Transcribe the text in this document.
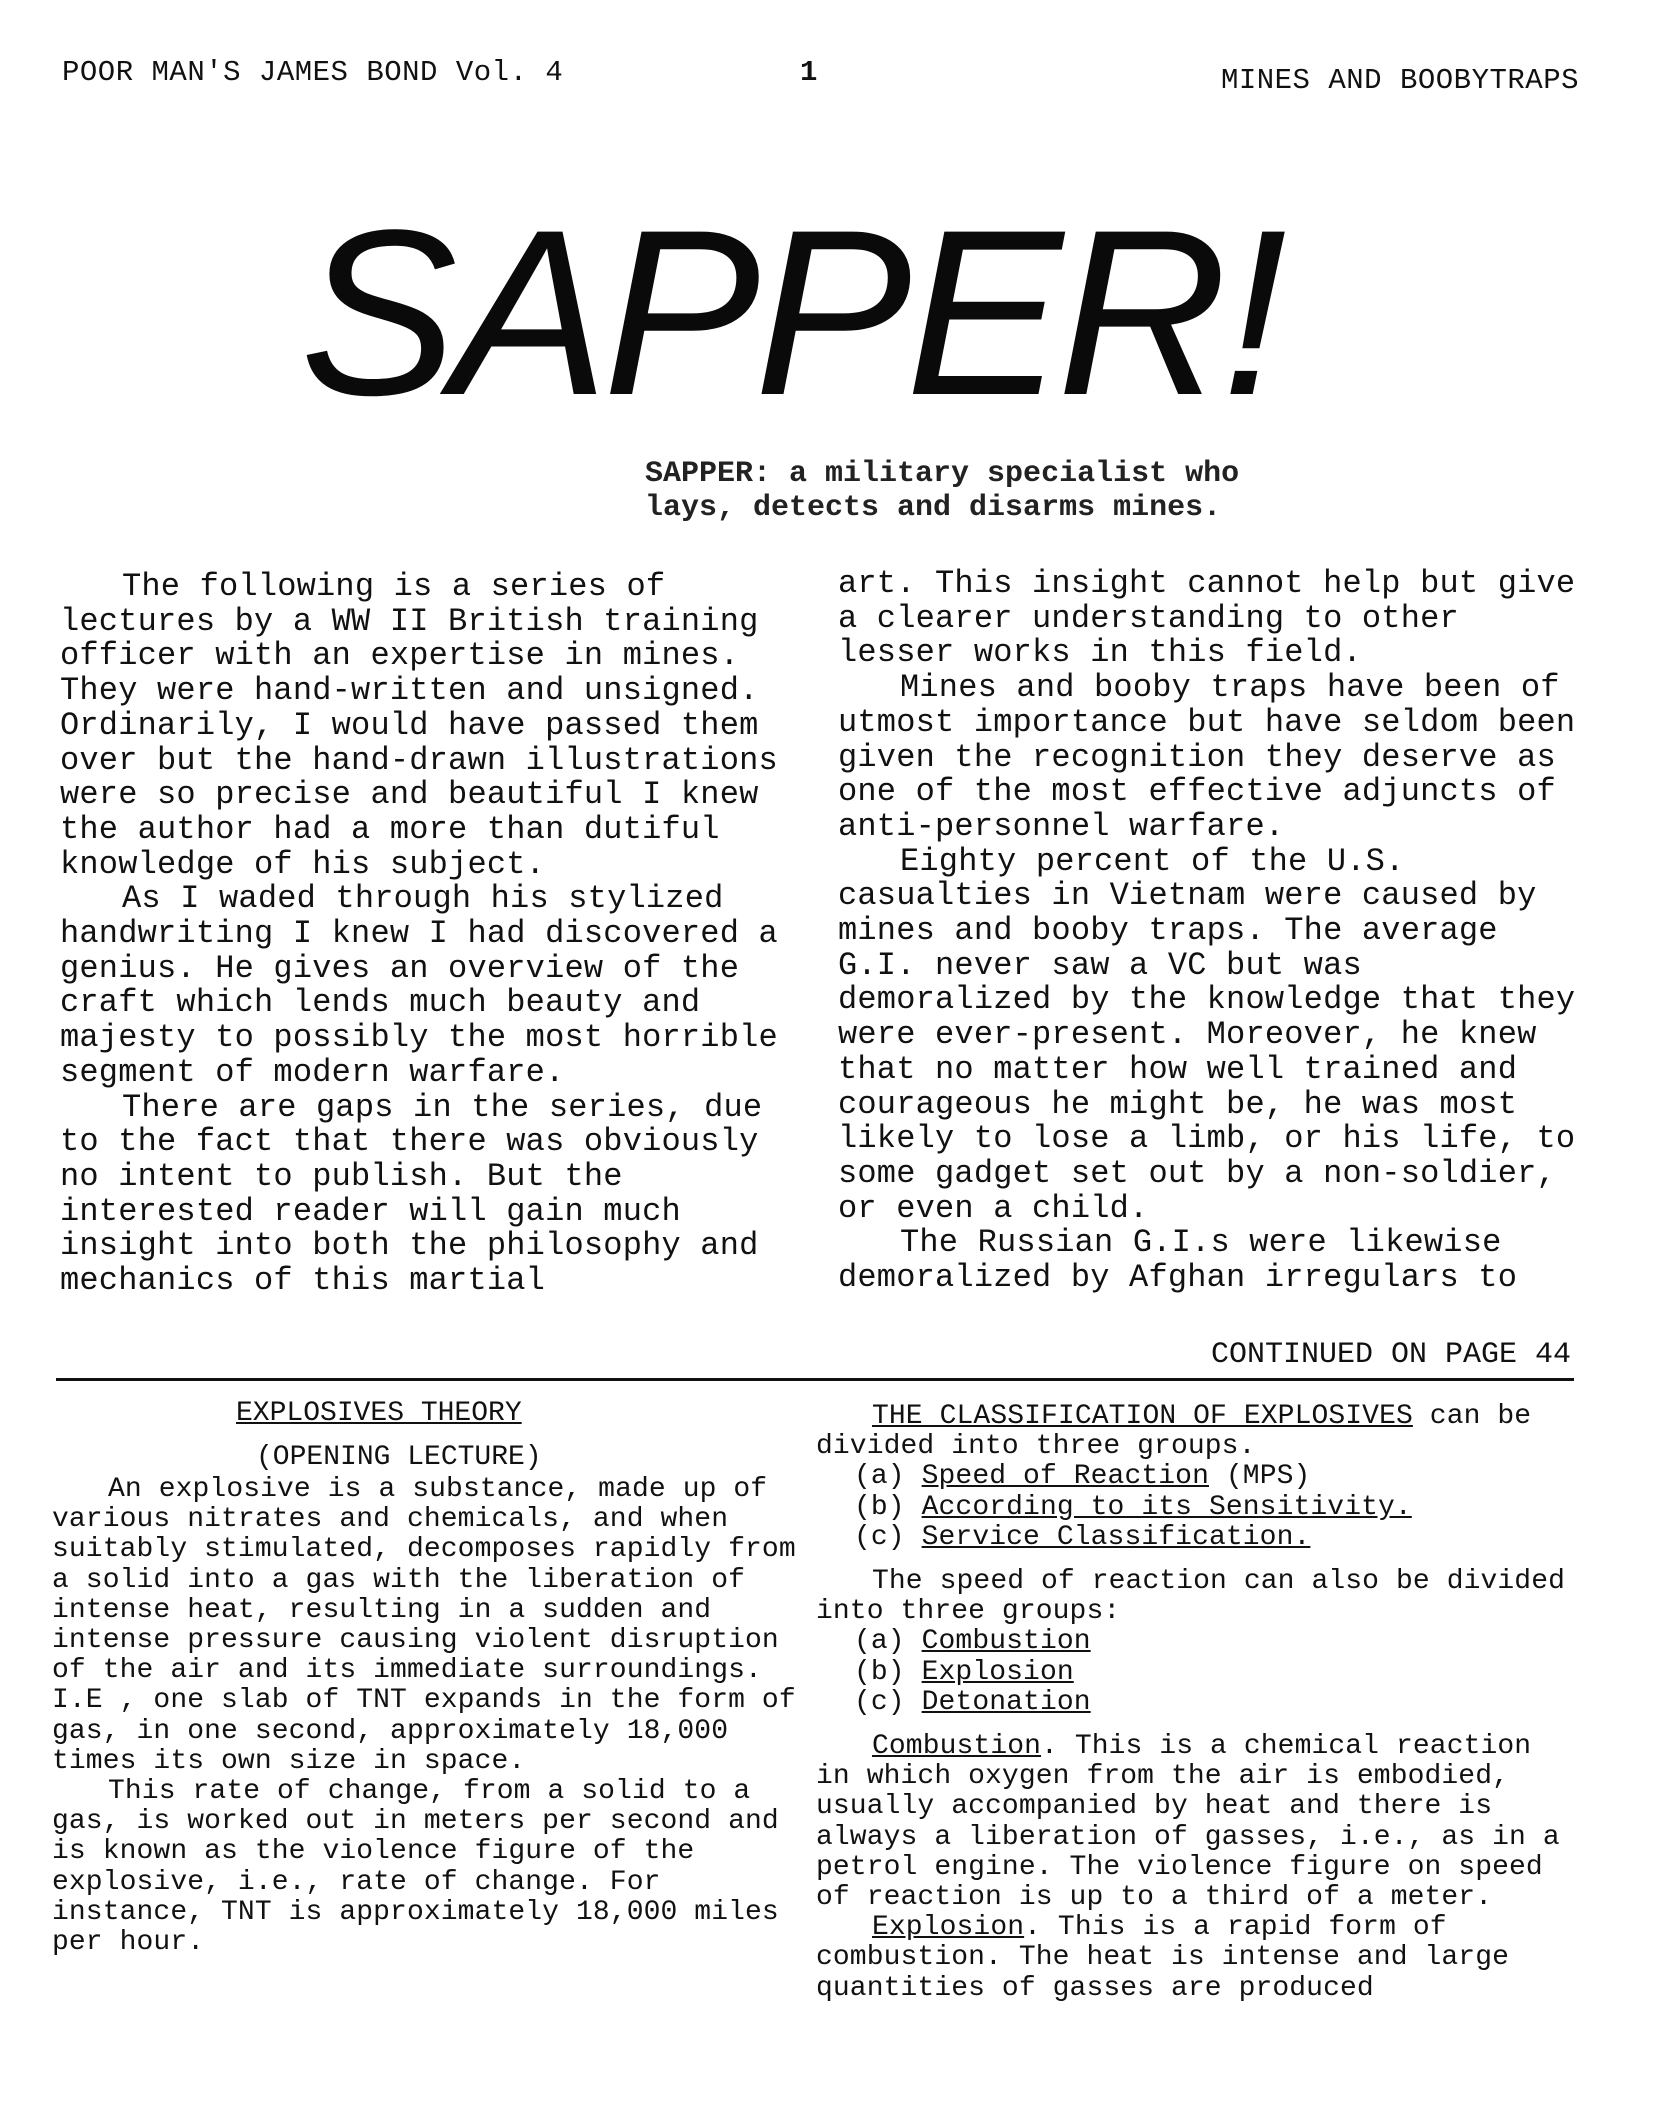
POOR MAN'S JAMES BOND Vol. 4	1	MINES AND BOOBYTRAPS
SAPPER!
SAPPER: a military specialist who
lays, detects and disarms mines.

The following is a series of lectures by a WW II British training officer with an expertise in mines. They were hand-written and unsigned. Ordinarily, I would have passed them over but the hand-drawn illustrations were so precise and beautiful I knew the author had a more than dutiful knowledge of his subject.

As I waded through his stylized handwriting I knew I had discovered a genius. He gives an overview of the craft which lends much beauty and majesty to possibly the most horrible segment of modern warfare.

There are gaps in the series, due to the fact that there was obviously no intent to publish. But the interested reader will gain much insight into both the philosophy and mechanics of this martial

art. This insight cannot help but give a clearer understanding to other lesser works in this field.

Mines and booby traps have been of utmost importance but have seldom been given the recognition they deserve as one of the most effective adjuncts of anti-personnel warfare.

Eighty percent of the U.S. casualties in Vietnam were caused by mines and booby traps. The average G.I. never saw a VC but was demoralized by the knowledge that they were ever-present. Moreover, he knew that no matter how well trained and courageous he might be, he was most likely to lose a limb, or his life, to some gadget set out by a non-soldier, or even a child.

The Russian G.I.s were likewise demoralized by Afghan irregulars to

CONTINUED ON PAGE 44
EXPLOSIVES THEORY
(OPENING LECTURE)

An explosive is a substance, made up of various nitrates and chemicals, and when suitably stimulated, decomposes rapidly from a solid into a gas with the liberation of intense heat, resulting in a sudden and intense pressure causing violent disruption of the air and its immediate surroundings. I.E , one slab of TNT expands in the form of gas, in one second, approximately 18,000 times its own size in space.

This rate of change, from a solid to a gas, is worked out in meters per second and is known as the violence figure of the explosive, i.e., rate of change. For instance, TNT is approximately 18,000 miles per hour.

THE CLASSIFICATION OF EXPLOSIVES can be divided into three groups.

(a) Speed of Reaction (MPS)
(b) According to its Sensitivity.
(c) Service Classification.

The speed of reaction can also be divided into three groups:

(a) Combustion
(b) Explosion
(c) Detonation

Combustion. This is a chemical reaction in which oxygen from the air is embodied, usually accompanied by heat and there is always a liberation of gasses, i.e., as in a petrol engine. The violence figure on speed of reaction is up to a third of a meter.

Explosion. This is a rapid form of combustion. The heat is intense and large quantities of gasses are produced
